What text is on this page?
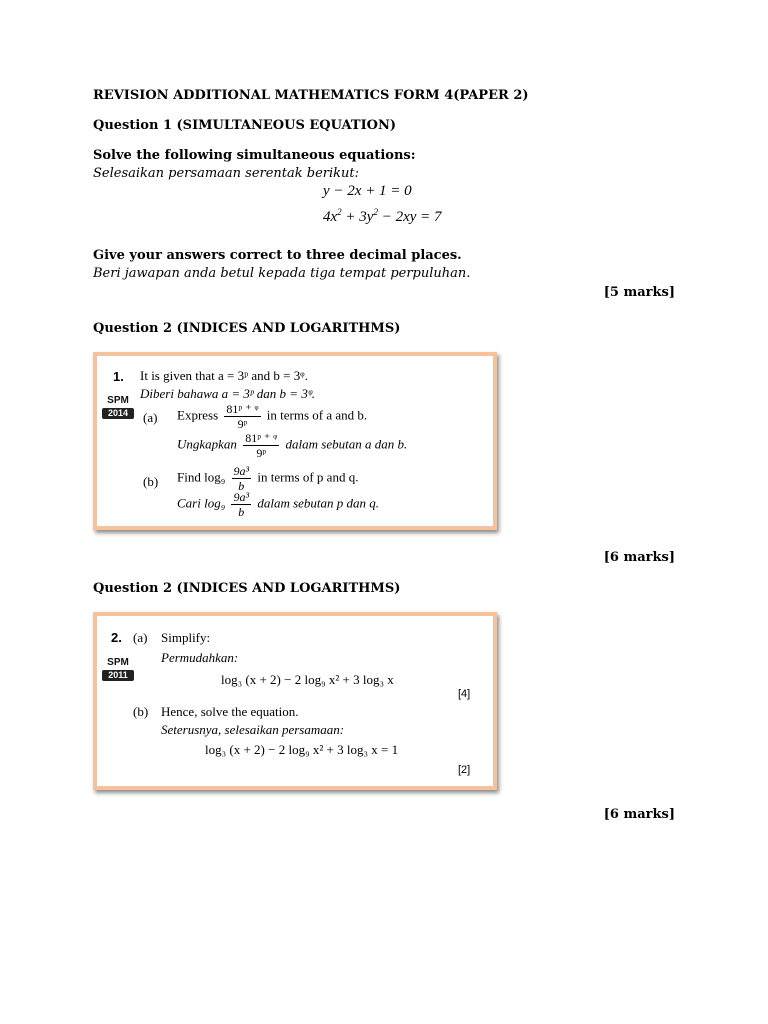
REVISION ADDITIONAL MATHEMATICS FORM 4(PAPER 2)
Question 1 (SIMULTANEOUS EQUATION)
Solve the following simultaneous equations:
Selesaikan persamaan serentak berikut:
y − 2x + 1 = 0
$4x^2 + 3y^2 - 2xy = 7$
Give your answers correct to three decimal places.
Beri jawapan anda betul kepada tiga tempat perpuluhan.
[5 marks]
Question 2 (INDICES AND LOGARITHMS)
1.
SPM
2014
It is given that a = 3ᵖ and b = 3ᵠ.
Diberi bahawa a = 3ᵖ dan b = 3ᵠ.
(a) Express $\frac{\text{81ᵖ ⁺ ᵠ}}{\text{9ᵖ}}$ in terms of a and b.
Ungkapkan $\frac{\text{81ᵖ ⁺ ᵠ}}{\text{9ᵖ}}$ dalam sebutan a dan b.
(b) Find $\log_9 \frac{\text{9a³}}{b}$ in terms of p and q.
Cari $\log_9 \frac{\text{9a³}}{b}$ dalam sebutan p dan q.
[6 marks]
Question 2 (INDICES AND LOGARITHMS)
2.
SPM
2011
(a) Simplify:
Permudahkan:
log₃ (x + 2) − 2 log₉ x² + 3 log₃ x
[4]
(b) Hence, solve the equation.
Seterusnya, selesaikan persamaan:
log₃ (x + 2) − 2 log₉ x² + 3 log₃ x = 1
[2]
[6 marks]
